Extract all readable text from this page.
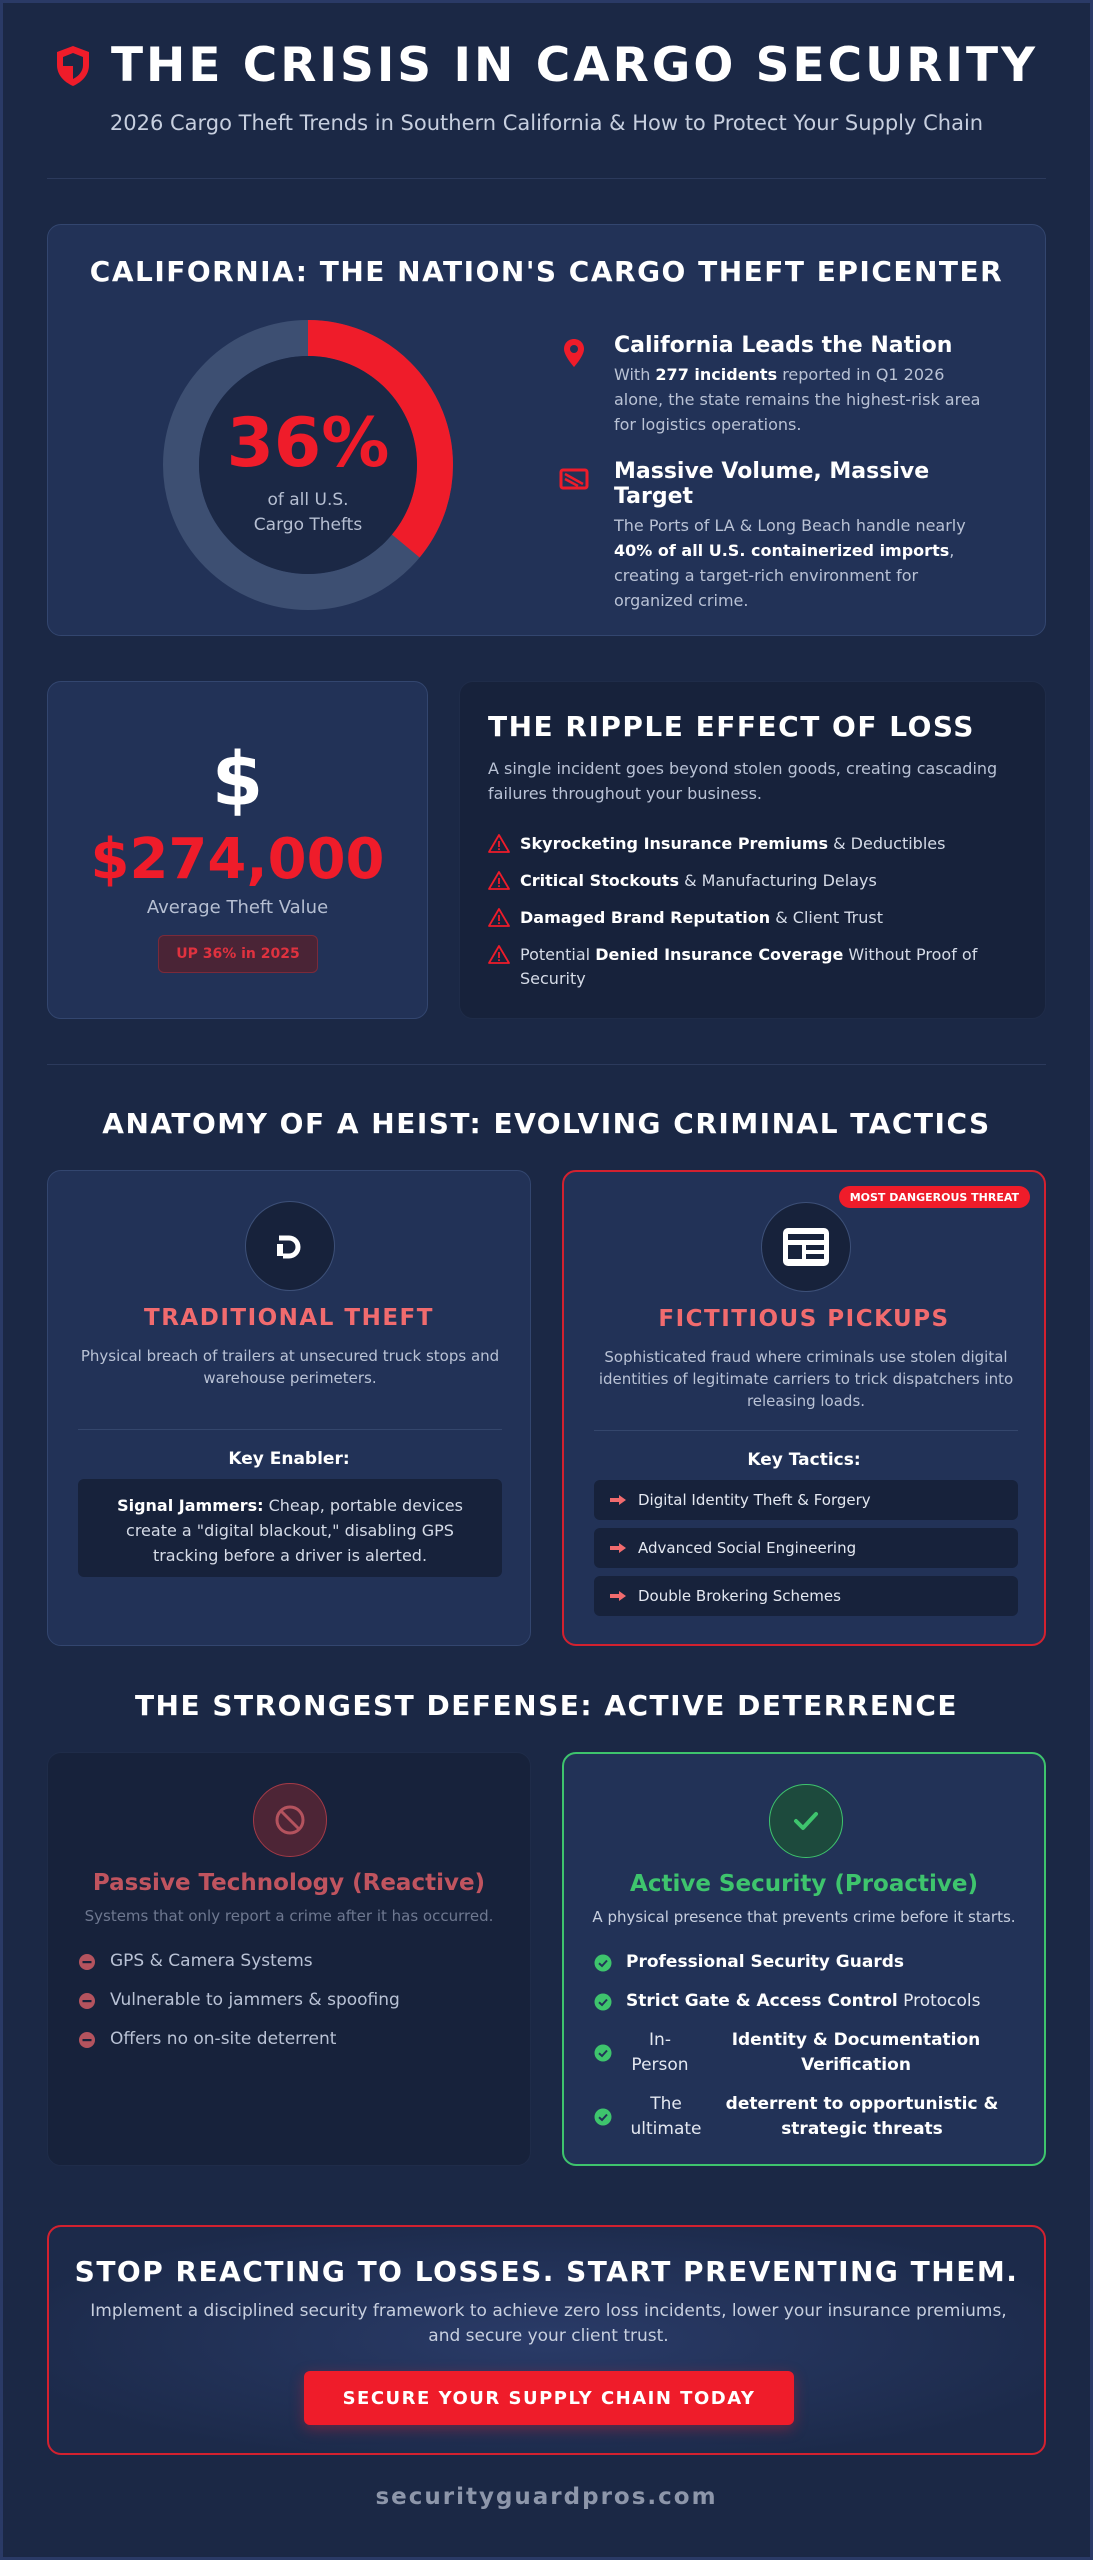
THE CRISIS IN CARGO SECURITY
2026 Cargo Theft Trends in Southern California & How to Protect Your Supply Chain
CALIFORNIA: THE NATION'S CARGO THEFT EPICENTER
36%
of all U.S.
Cargo Thefts
California Leads the Nation

With 277 incidents reported in Q1 2026 alone, the state remains the highest-risk area for logistics operations.

Massive Volume, Massive Target

The Ports of LA & Long Beach handle nearly 40% of all U.S. containerized imports, creating a target-rich environment for organized crime.

$
$274,000
Average Theft Value
UP 36% in 2025
THE RIPPLE EFFECT OF LOSS
A single incident goes beyond stolen goods, creating cascading failures throughout your business.
Skyrocketing Insurance Premiums & Deductibles
Critical Stockouts & Manufacturing Delays
Damaged Brand Reputation & Client Trust
Potential Denied Insurance Coverage Without Proof of Security
ANATOMY OF A HEIST: EVOLVING CRIMINAL TACTICS
TRADITIONAL THEFT
Physical breach of trailers at unsecured truck stops and warehouse perimeters.
Key Enabler:
Signal Jammers: Cheap, portable devices create a "digital blackout," disabling GPS tracking before a driver is alerted.
MOST DANGEROUS THREAT
FICTITIOUS PICKUPS
Sophisticated fraud where criminals use stolen digital identities of legitimate carriers to trick dispatchers into releasing loads.
Key Tactics:
Digital Identity Theft & Forgery
Advanced Social Engineering
Double Brokering Schemes
THE STRONGEST DEFENSE: ACTIVE DETERRENCE
Passive Technology (Reactive)
Systems that only report a crime after it has occurred.
GPS & Camera Systems
Vulnerable to jammers & spoofing
Offers no on-site deterrent
Active Security (Proactive)
A physical presence that prevents crime before it starts.
Professional Security Guards
Strict Gate & Access Control Protocols
In-Person
Identity & Documentation Verification
The ultimate
deterrent to opportunistic & strategic threats
STOP REACTING TO LOSSES. START PREVENTING THEM.

Implement a disciplined security framework to achieve zero loss incidents, lower your insurance premiums, and secure your client trust.

SECURE YOUR SUPPLY CHAIN TODAY
securityguardpros.com
